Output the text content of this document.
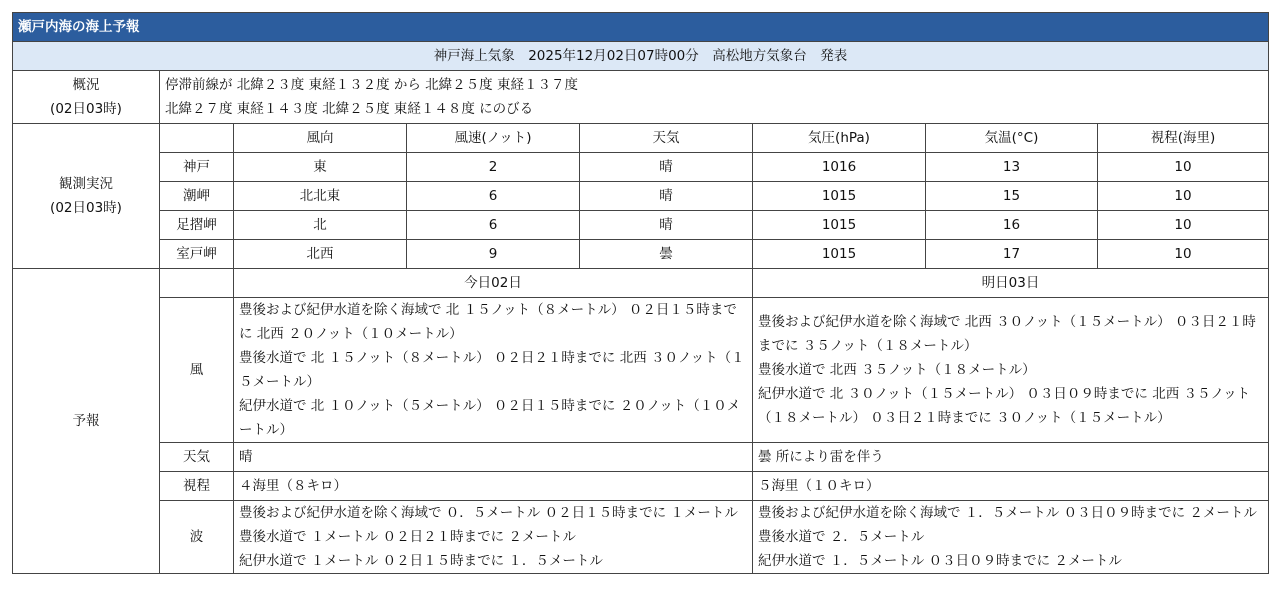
瀬戸内海の海上予報							
神戸海上気象　2025年12月02日07時00分　高松地方気象台　発表							
概況
(02日03時)	停滞前線が 北緯２３度 東経１３２度 から 北緯２５度 東経１３７度
北緯２７度 東経１４３度 北緯２５度 東経１４８度 にのびる						
観測実況
(02日03時)		風向	風速(ノット)	天気	気圧(hPa)	気温(°C)	視程(海里)
	神戸	東	2	晴	1016	13	10
	潮岬	北北東	6	晴	1015	15	10
	足摺岬	北	6	晴	1015	16	10
	室戸岬	北西	9	曇	1015	17	10
予報		今日02日			明日03日		
	風	豊後および紀伊水道を除く海域で 北 １５ノット（８メートル） ０２日１５時までに 北西 ２０ノット（１０メートル）
豊後水道で 北 １５ノット（８メートル） ０２日２１時までに 北西 ３０ノット（１５メートル）
紀伊水道で 北 １０ノット（５メートル） ０２日１５時までに ２０ノット（１０メートル）			豊後および紀伊水道を除く海域で 北西 ３０ノット（１５メートル） ０３日２１時までに ３５ノット（１８メートル）
豊後水道で 北西 ３５ノット（１８メートル）
紀伊水道で 北 ３０ノット（１５メートル） ０３日０９時までに 北西 ３５ノット（１８メートル） ０３日２１時までに ３０ノット（１５メートル）		
	天気	晴			曇 所により雷を伴う		
	視程	４海里（８キロ）			５海里（１０キロ）		
	波	豊後および紀伊水道を除く海域で ０．５メートル ０２日１５時までに １メートル
豊後水道で １メートル ０２日２１時までに ２メートル
紀伊水道で １メートル ０２日１５時までに １．５メートル			豊後および紀伊水道を除く海域で １．５メートル ０３日０９時までに ２メートル
豊後水道で ２．５メートル
紀伊水道で １．５メートル ０３日０９時までに ２メートル		
